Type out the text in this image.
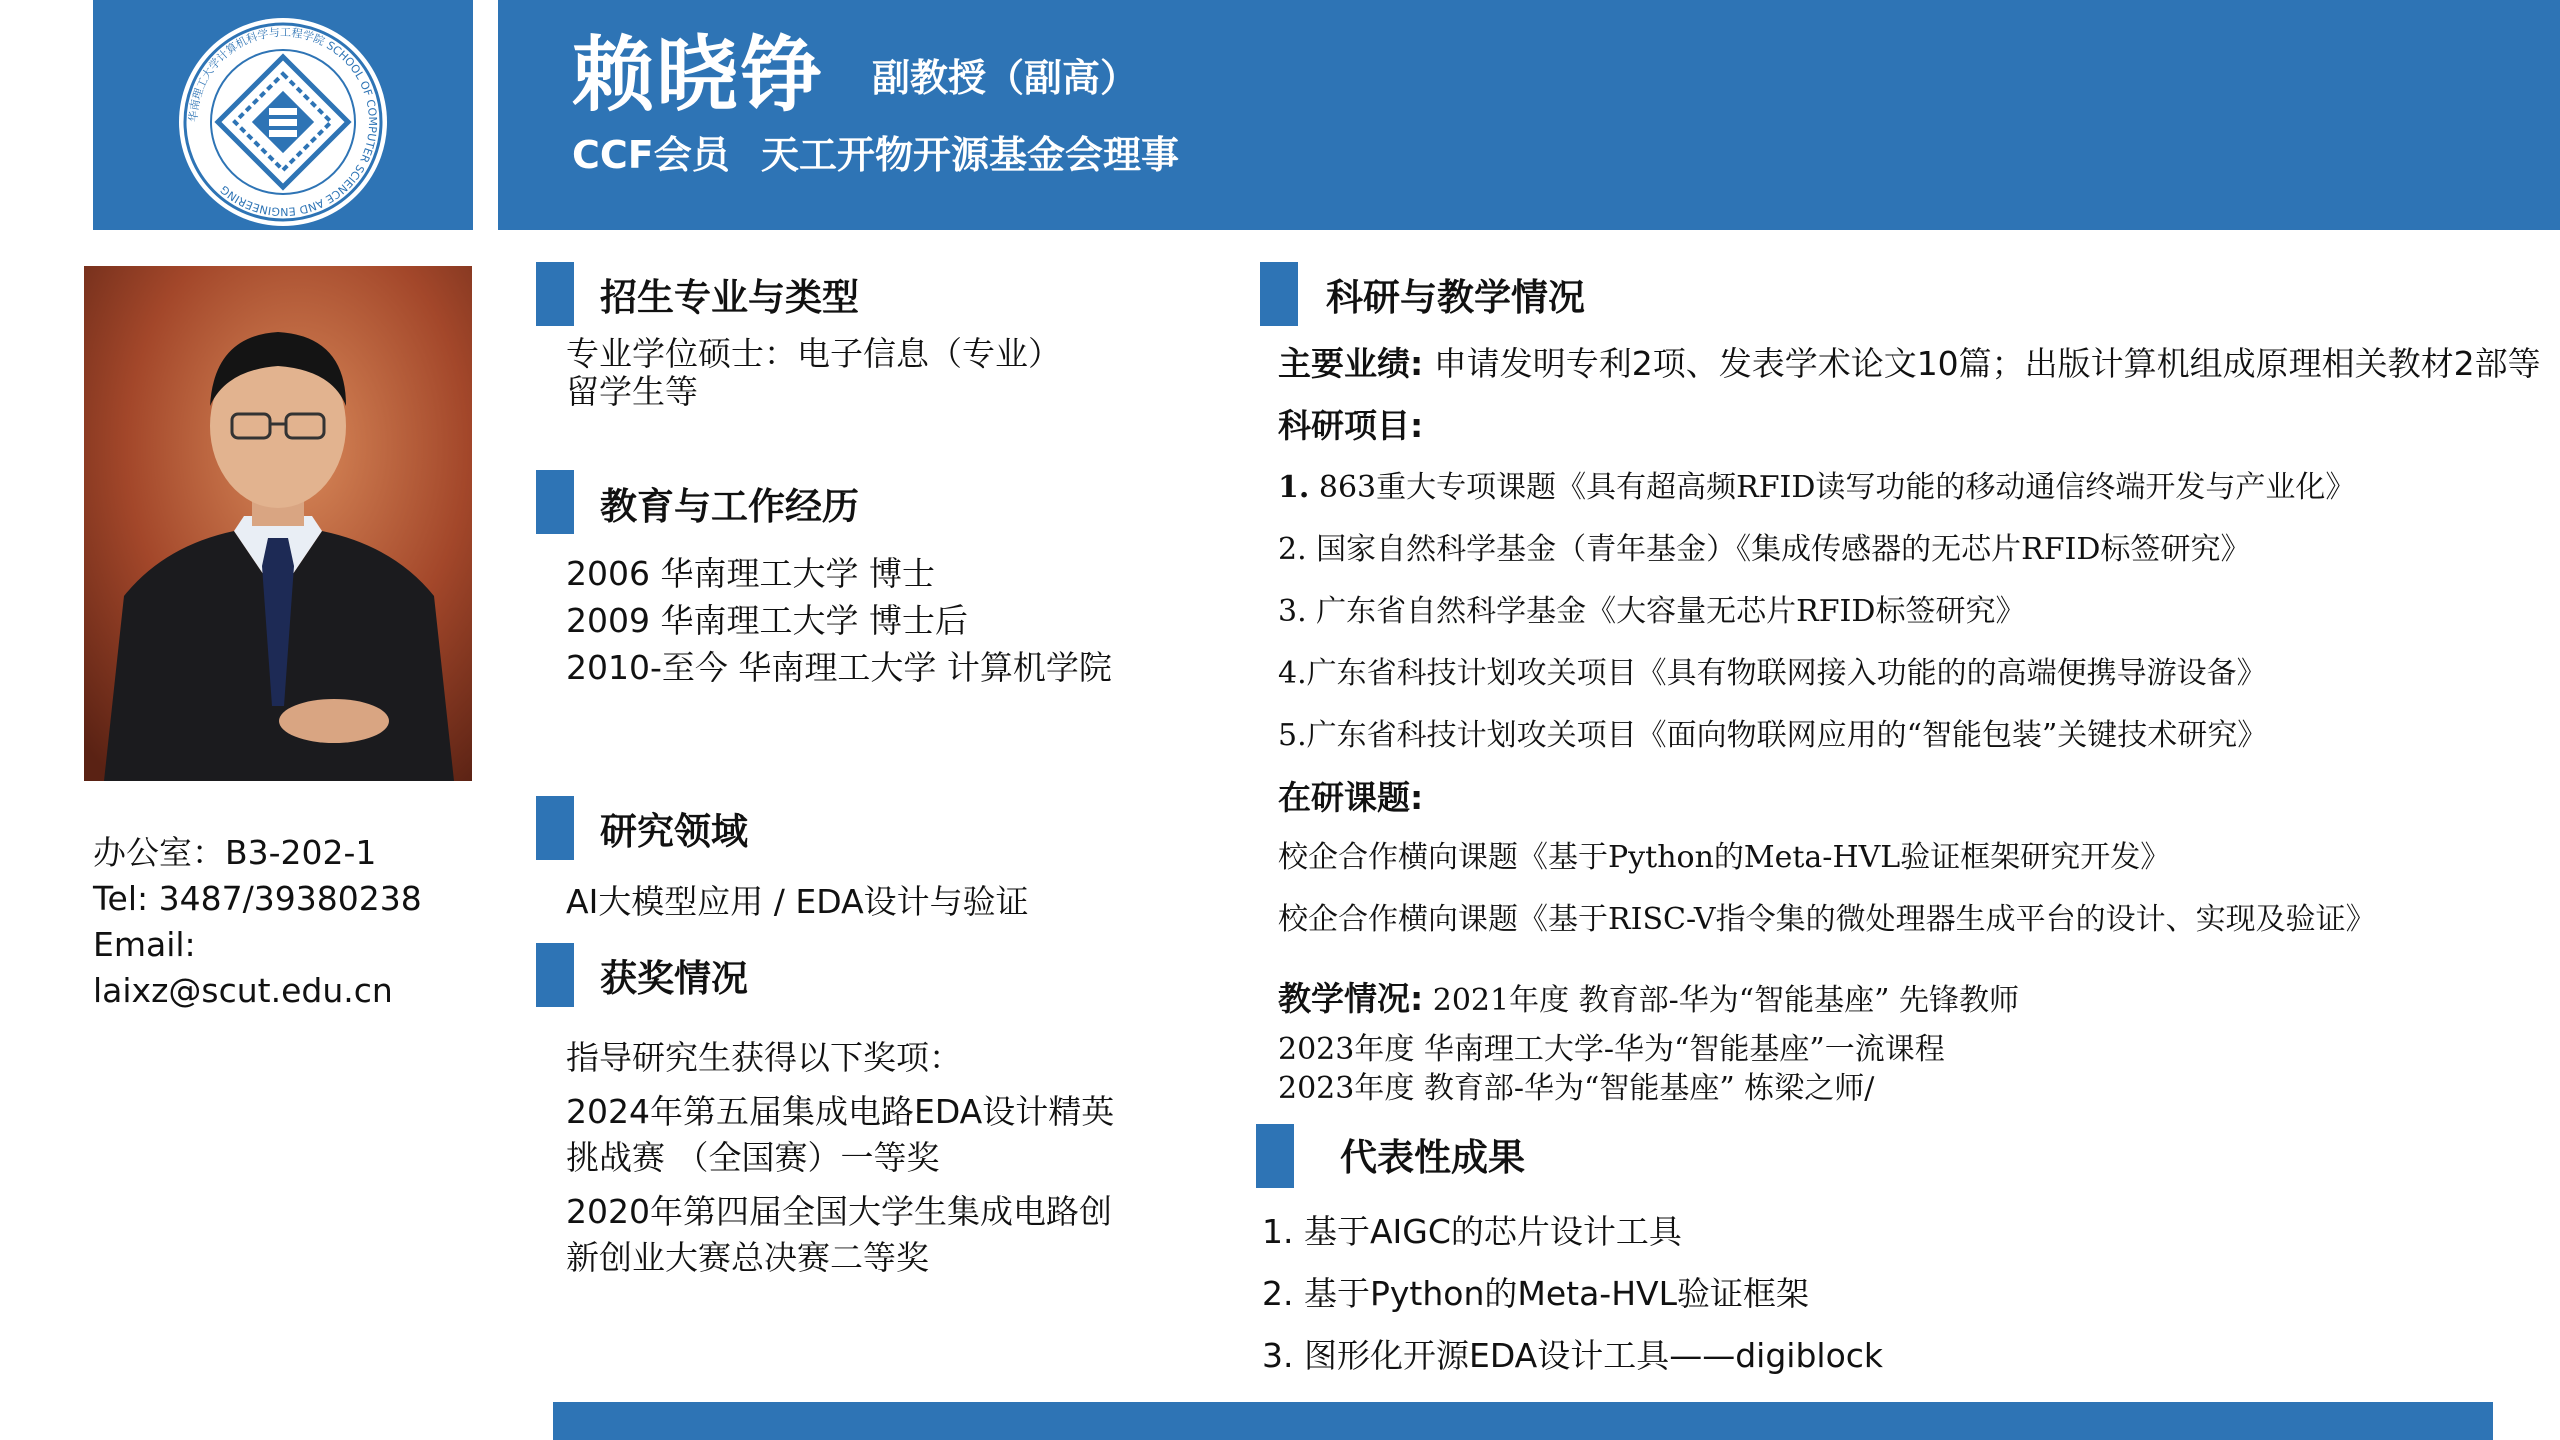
华南理工大学计算机科学与工程学院 SCHOOL OF COMPUTER SCIENCE AND ENGINEERING
赖晓铮 副教授（副高）
CCF会员 天工开物开源基金会理事
办公室：B3-202-1
Tel: 3487/39380238
Email:
laixz@scut.edu.cn
招生专业与类型
专业学位硕士：电子信息（专业）
留学生等
教育与工作经历
2006 华南理工大学 博士
2009 华南理工大学 博士后
2010-至今 华南理工大学 计算机学院
研究领域
AI大模型应用 / EDA设计与验证
获奖情况
指导研究生获得以下奖项：
2024年第五届集成电路EDA设计精英
挑战赛 （全国赛）一等奖
2020年第四届全国大学生集成电路创
新创业大赛总决赛二等奖
科研与教学情况
主要业绩: 申请发明专利2项、发表学术论文10篇；出版计算机组成原理相关教材2部等
科研项目:
1. 863重大专项课题《具有超高频RFID读写功能的移动通信终端开发与产业化》
2. 国家自然科学基金（青年基金）《集成传感器的无芯片RFID标签研究》
3. 广东省自然科学基金《大容量无芯片RFID标签研究》
4.广东省科技计划攻关项目《具有物联网接入功能的的高端便携导游设备》
5.广东省科技计划攻关项目《面向物联网应用的“智能包装”关键技术研究》
在研课题:
校企合作横向课题《基于Python的Meta-HVL验证框架研究开发》
校企合作横向课题《基于RISC-V指令集的微处理器生成平台的设计、实现及验证》
教学情况: 2021年度 教育部-华为“智能基座” 先锋教师
2023年度 华南理工大学-华为“智能基座”一流课程
2023年度 教育部-华为“智能基座” 栋梁之师/
代表性成果
1. 基于AIGC的芯片设计工具
2. 基于Python的Meta-HVL验证框架
3. 图形化开源EDA设计工具——digiblock
